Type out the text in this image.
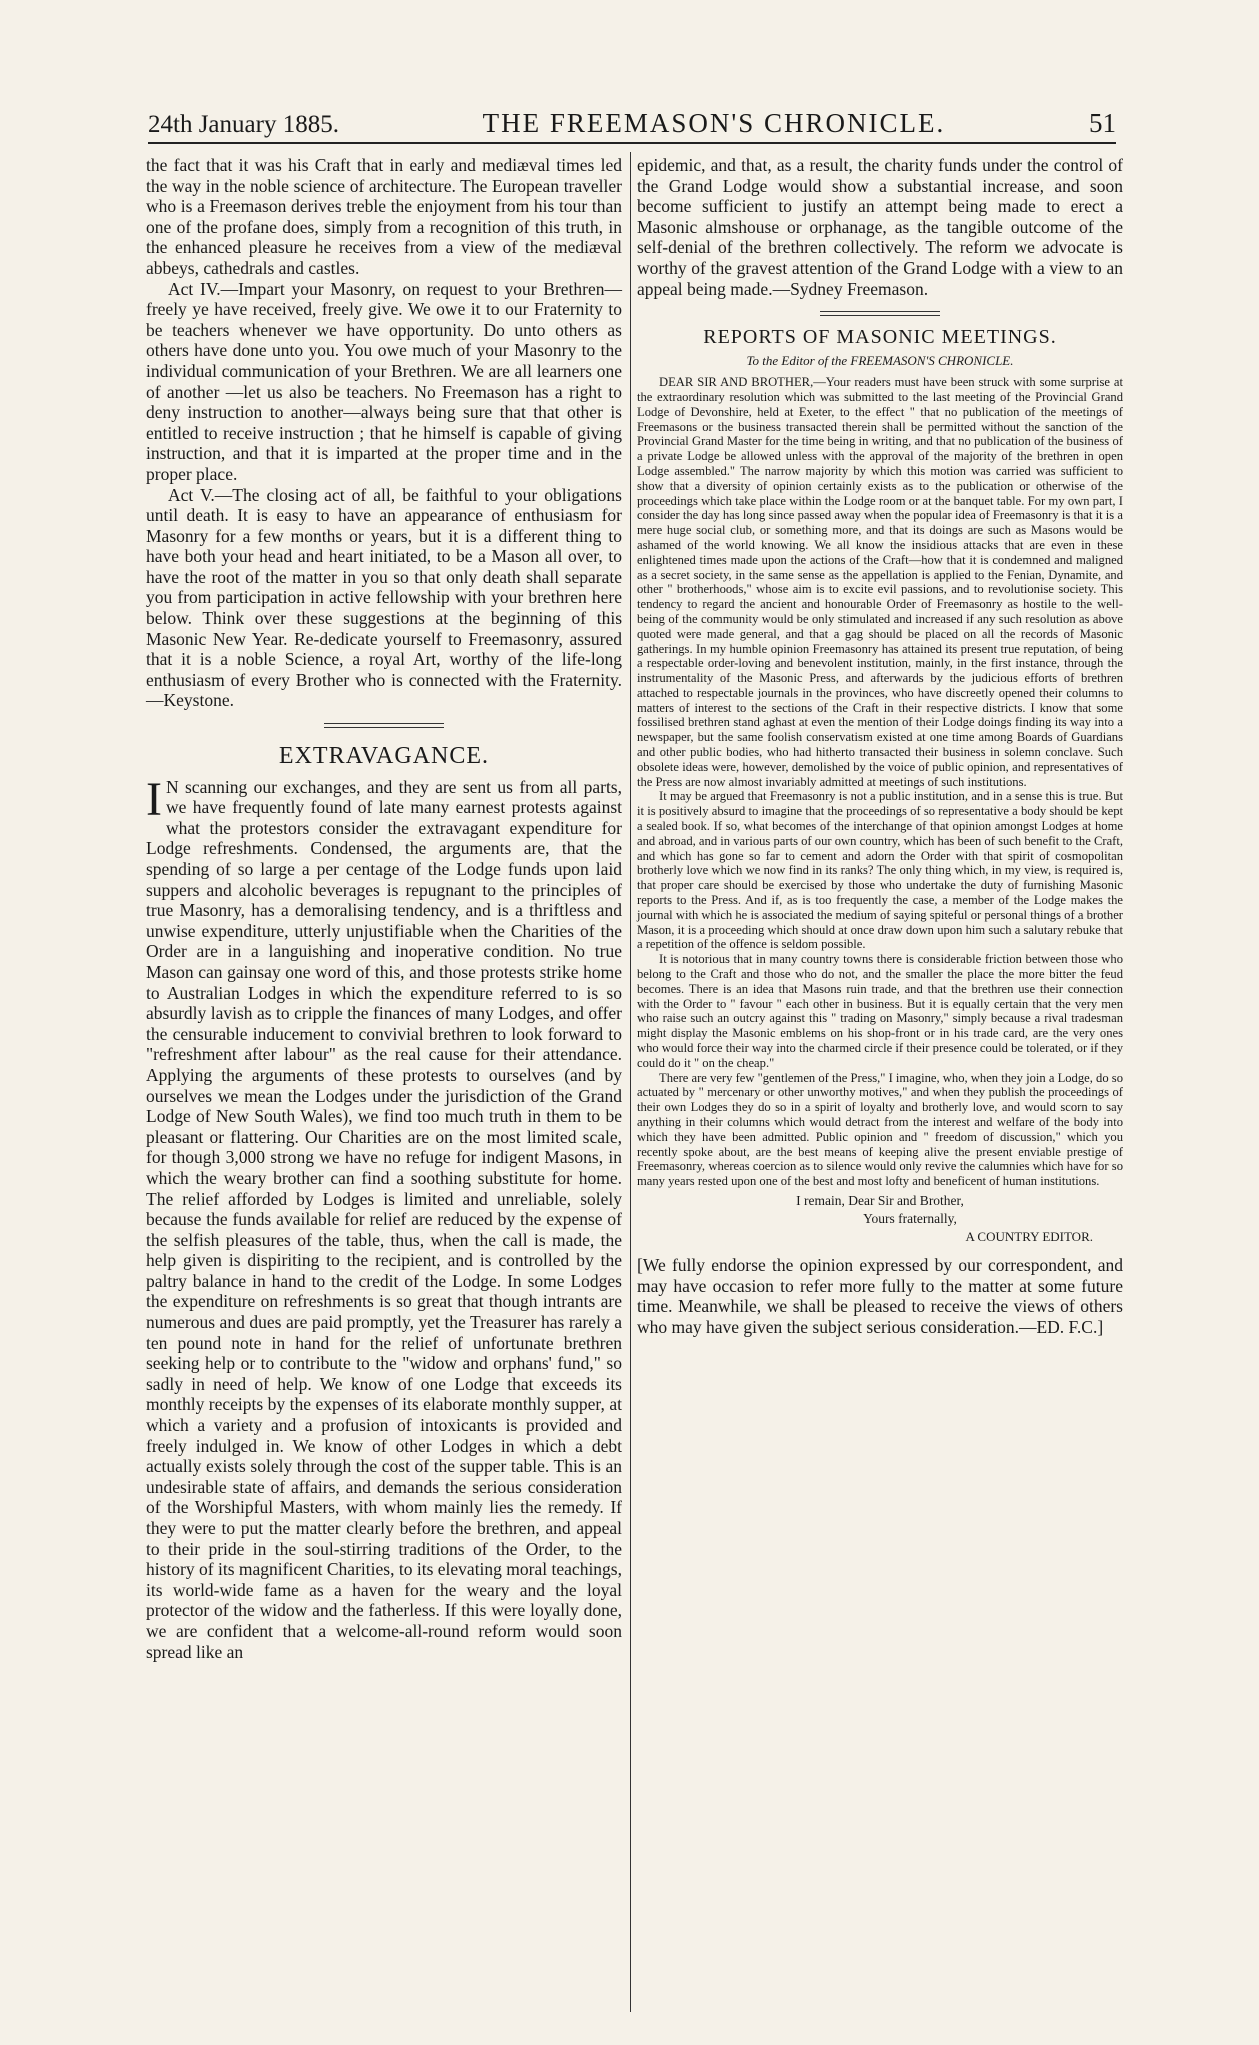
24th January 1885.	THE FREEMASON'S CHRONICLE.	51

the fact that it was his Craft that in early and mediæval times led the way in the noble science of architecture. The European traveller who is a Freemason derives treble the enjoyment from his tour than one of the profane does, simply from a recognition of this truth, in the enhanced pleasure he receives from a view of the mediæval abbeys, cathedrals and castles.

Act IV.—Impart your Masonry, on request to your Brethren—freely ye have received, freely give. We owe it to our Fraternity to be teachers whenever we have opportunity. Do unto others as others have done unto you. You owe much of your Masonry to the individual communication of your Brethren. We are all learners one of another —let us also be teachers. No Freemason has a right to deny instruction to another—always being sure that that other is entitled to receive instruction ; that he himself is capable of giving instruction, and that it is imparted at the proper time and in the proper place.

Act V.—The closing act of all, be faithful to your obligations until death. It is easy to have an appearance of enthusiasm for Masonry for a few months or years, but it is a different thing to have both your head and heart initiated, to be a Mason all over, to have the root of the matter in you so that only death shall separate you from participation in active fellowship with your brethren here below. Think over these suggestions at the beginning of this Masonic New Year. Re-dedicate yourself to Freemasonry, assured that it is a noble Science, a royal Art, worthy of the life-long enthusiasm of every Brother who is connected with the Fraternity.—Keystone.

EXTRAVAGANCE.

I N scanning our exchanges, and they are sent us from all parts, we have frequently found of late many earnest protests against what the protestors consider the extravagant expenditure for Lodge refreshments. Condensed, the arguments are, that the spending of so large a per centage of the Lodge funds upon laid suppers and alcoholic beverages is repugnant to the principles of true Masonry, has a demoralising tendency, and is a thriftless and unwise expenditure, utterly unjustifiable when the Charities of the Order are in a languishing and inoperative condition. No true Mason can gainsay one word of this, and those protests strike home to Australian Lodges in which the expenditure referred to is so absurdly lavish as to cripple the finances of many Lodges, and offer the censurable inducement to convivial brethren to look forward to "refreshment after labour" as the real cause for their attendance. Applying the arguments of these protests to ourselves (and by ourselves we mean the Lodges under the jurisdiction of the Grand Lodge of New South Wales), we find too much truth in them to be pleasant or flattering. Our Charities are on the most limited scale, for though 3,000 strong we have no refuge for indigent Masons, in which the weary brother can find a soothing substitute for home. The relief afforded by Lodges is limited and unreliable, solely because the funds available for relief are reduced by the expense of the selfish pleasures of the table, thus, when the call is made, the help given is dispiriting to the recipient, and is controlled by the paltry balance in hand to the credit of the Lodge. In some Lodges the expenditure on refreshments is so great that though intrants are numerous and dues are paid promptly, yet the Treasurer has rarely a ten pound note in hand for the relief of unfortunate brethren seeking help or to contribute to the "widow and orphans' fund," so sadly in need of help. We know of one Lodge that exceeds its monthly receipts by the expenses of its elaborate monthly supper, at which a variety and a profusion of intoxicants is provided and freely indulged in. We know of other Lodges in which a debt actually exists solely through the cost of the supper table. This is an undesirable state of affairs, and demands the serious consideration of the Worshipful Masters, with whom mainly lies the remedy. If they were to put the matter clearly before the brethren, and appeal to their pride in the soul-stirring traditions of the Order, to the history of its magnificent Charities, to its elevating moral teachings, its world-wide fame as a haven for the weary and the loyal protector of the widow and the fatherless. If this were loyally done, we are confident that a welcome-all-round reform would soon spread like an

epidemic, and that, as a result, the charity funds under the control of the Grand Lodge would show a substantial increase, and soon become sufficient to justify an attempt being made to erect a Masonic almshouse or orphanage, as the tangible outcome of the self-denial of the brethren collectively. The reform we advocate is worthy of the gravest attention of the Grand Lodge with a view to an appeal being made.—Sydney Freemason.

REPORTS OF MASONIC MEETINGS.
To the Editor of the FREEMASON'S CHRONICLE.

DEAR SIR AND BROTHER,—Your readers must have been struck with some surprise at the extraordinary resolution which was submitted to the last meeting of the Provincial Grand Lodge of Devonshire, held at Exeter, to the effect " that no publication of the meetings of Freemasons or the business transacted therein shall be permitted without the sanction of the Provincial Grand Master for the time being in writing, and that no publication of the business of a private Lodge be allowed unless with the approval of the majority of the brethren in open Lodge assembled." The narrow majority by which this motion was carried was sufficient to show that a diversity of opinion certainly exists as to the publication or otherwise of the proceedings which take place within the Lodge room or at the banquet table. For my own part, I consider the day has long since passed away when the popular idea of Freemasonry is that it is a mere huge social club, or something more, and that its doings are such as Masons would be ashamed of the world knowing. We all know the insidious attacks that are even in these enlightened times made upon the actions of the Craft—how that it is condemned and maligned as a secret society, in the same sense as the appellation is applied to the Fenian, Dynamite, and other " brotherhoods," whose aim is to excite evil passions, and to revolutionise society. This tendency to regard the ancient and honourable Order of Freemasonry as hostile to the well-being of the community would be only stimulated and increased if any such resolution as above quoted were made general, and that a gag should be placed on all the records of Masonic gatherings. In my humble opinion Freemasonry has attained its present true reputation, of being a respectable order-loving and benevolent institution, mainly, in the first instance, through the instrumentality of the Masonic Press, and afterwards by the judicious efforts of brethren attached to respectable journals in the provinces, who have discreetly opened their columns to matters of interest to the sections of the Craft in their respective districts. I know that some fossilised brethren stand aghast at even the mention of their Lodge doings finding its way into a newspaper, but the same foolish conservatism existed at one time among Boards of Guardians and other public bodies, who had hitherto transacted their business in solemn conclave. Such obsolete ideas were, however, demolished by the voice of public opinion, and representatives of the Press are now almost invariably admitted at meetings of such institutions.

It may be argued that Freemasonry is not a public institution, and in a sense this is true. But it is positively absurd to imagine that the proceedings of so representative a body should be kept a sealed book. If so, what becomes of the interchange of that opinion amongst Lodges at home and abroad, and in various parts of our own country, which has been of such benefit to the Craft, and which has gone so far to cement and adorn the Order with that spirit of cosmopolitan brotherly love which we now find in its ranks? The only thing which, in my view, is required is, that proper care should be exercised by those who undertake the duty of furnishing Masonic reports to the Press. And if, as is too frequently the case, a member of the Lodge makes the journal with which he is associated the medium of saying spiteful or personal things of a brother Mason, it is a proceeding which should at once draw down upon him such a salutary rebuke that a repetition of the offence is seldom possible.

It is notorious that in many country towns there is considerable friction between those who belong to the Craft and those who do not, and the smaller the place the more bitter the feud becomes. There is an idea that Masons ruin trade, and that the brethren use their connection with the Order to " favour " each other in business. But it is equally certain that the very men who raise such an outcry against this " trading on Masonry," simply because a rival tradesman might display the Masonic emblems on his shop-front or in his trade card, are the very ones who would force their way into the charmed circle if their presence could be tolerated, or if they could do it " on the cheap."

There are very few "gentlemen of the Press," I imagine, who, when they join a Lodge, do so actuated by " mercenary or other unworthy motives," and when they publish the proceedings of their own Lodges they do so in a spirit of loyalty and brotherly love, and would scorn to say anything in their columns which would detract from the interest and welfare of the body into which they have been admitted. Public opinion and " freedom of discussion," which you recently spoke about, are the best means of keeping alive the present enviable prestige of Freemasonry, whereas coercion as to silence would only revive the calumnies which have for so many years rested upon one of the best and most lofty and beneficent of human institutions.

I remain, Dear Sir and Brother,
Yours fraternally,
A COUNTRY EDITOR.

[We fully endorse the opinion expressed by our correspondent, and may have occasion to refer more fully to the matter at some future time. Meanwhile, we shall be pleased to receive the views of others who may have given the subject serious consideration.—ED. F.C.]
